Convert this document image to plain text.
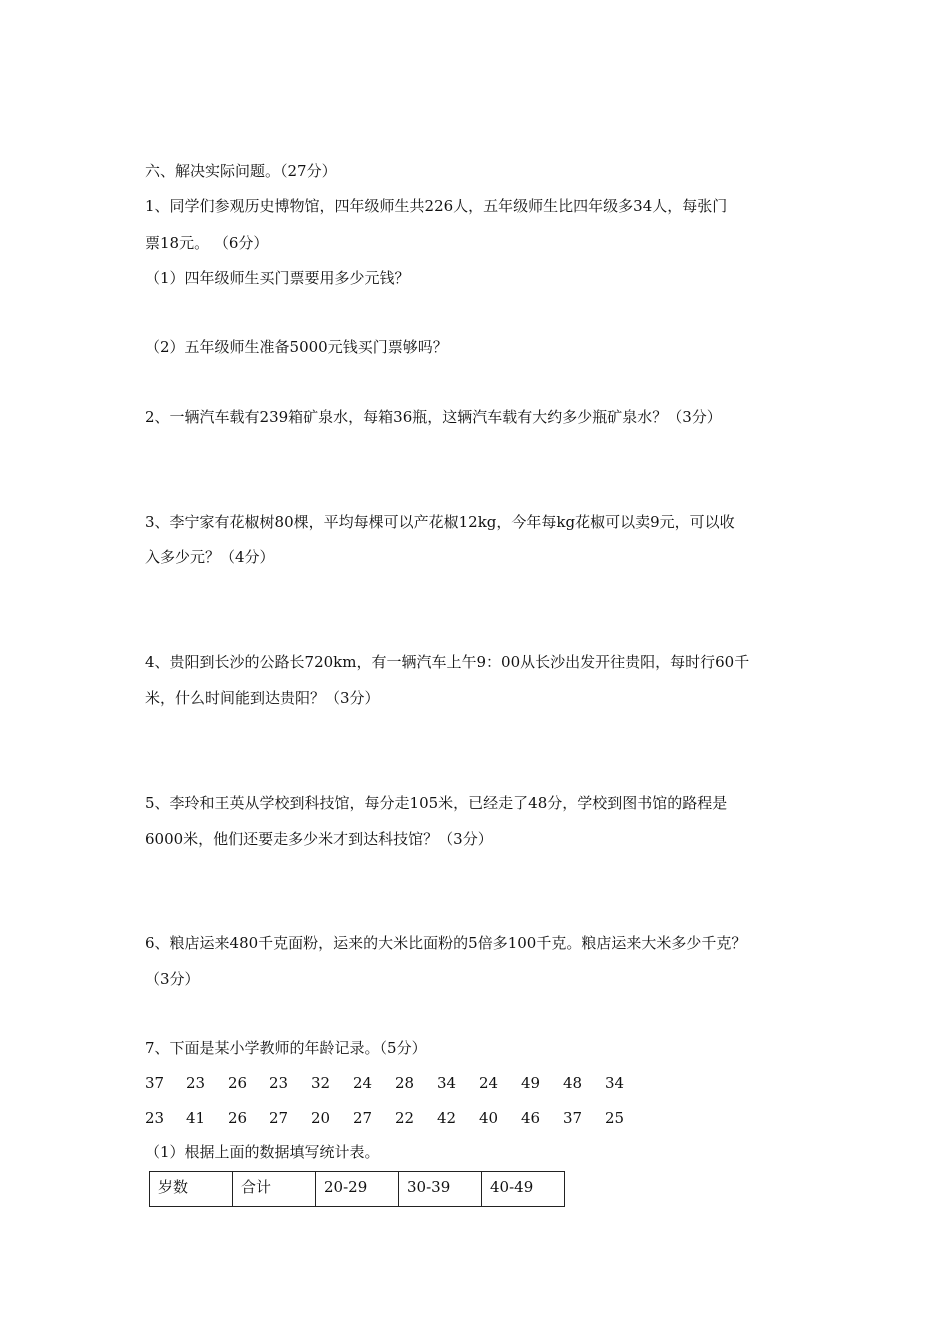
六、解决实际问题。（27分）
1、同学们参观历史博物馆，四年级师生共226人，五年级师生比四年级多34人，每张门
票18元。 （6分）
（1）四年级师生买门票要用多少元钱？
（2）五年级师生准备5000元钱买门票够吗？
2、一辆汽车载有239箱矿泉水，每箱36瓶，这辆汽车载有大约多少瓶矿泉水？（3分）
3、李宁家有花椒树80棵，平均每棵可以产花椒12kg，今年每kg花椒可以卖9元，可以收
入多少元？（4分）
4、贵阳到长沙的公路长720km，有一辆汽车上午9：00从长沙出发开往贵阳，每时行60千
米，什么时间能到达贵阳？（3分）
5、李玲和王英从学校到科技馆，每分走105米，已经走了48分，学校到图书馆的路程是
6000米，他们还要走多少米才到达科技馆？（3分）
6、粮店运来480千克面粉，运来的大米比面粉的5倍多100千克。粮店运来大米多少千克？
（3分）
7、下面是某小学教师的年龄记录。（5分）
37	23	26	23	32	24	28	34	24	49	48	34
23	41	26	27	20	27	22	42	40	46	37	25
（1）根据上面的数据填写统计表。
岁数	合计	20-29	30-39	40-49
